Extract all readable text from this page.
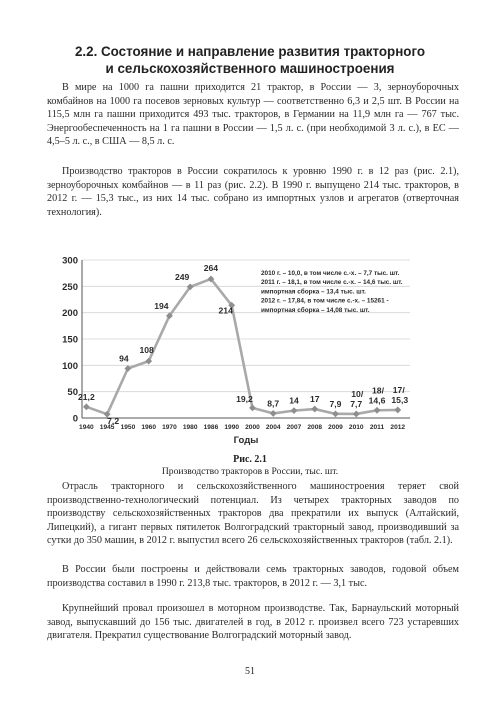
2.2. Состояние и направление развития тракторного
и сельскохозяйственного машиностроения

В мире на 1000 га пашни приходится 21 трактор, в России — 3, зерноуборочных комбайнов на 1000 га посевов зерновых культур — соответственно 6,3 и 2,5 шт. В России на 115,5 млн га пашни приходится 493 тыс. тракторов, в Германии на 11,9 млн га — 767 тыс. Энергообеспеченность на 1 га пашни в России — 1,5 л. с. (при необходимой 3 л. с.), в ЕС — 4,5–5 л. с., в США — 8,5 л. с.

Производство тракторов в России сократилось к уровню 1990 г. в 12 раз (рис. 2.1), зерноуборочных комбайнов — в 11 раз (рис. 2.2). В 1990 г. выпущено 214 тыс. тракторов, в 2012 г. — 15,3 тыс., из них 14 тыс. собрано из импортных узлов и агрегатов (отверточная технология).

0
50
100
150
200
250
300
1940 1945 1950 1960 1970 1980 1986 1990 2000 2004 2007 2008 2009 2010 2011 2012
Годы
21,2
7,2
94
108
194
249
264
214
19,2 8,7 14 17 7,9 7,7 14,6 15,3
10/ 18/ 17/
2010 г. – 10,0, в том числе с.-х. – 7,7 тыс. шт.
2011 г. – 18,1, в том числе с.-х. – 14,6 тыс. шт.
импортная сборка – 13,4 тыс. шт.
2012 г. – 17,84, в том числе с.-х. – 15261 -
импортная сборка – 14,08 тыс. шт.
Рис. 2.1
Производство тракторов в России, тыс. шт.

Отрасль тракторного и сельскохозяйственного машиностроения теряет свой производственно-технологический потенциал. Из четырех тракторных заводов по производству сельскохозяйственных тракторов два прекратили их выпуск (Алтайский, Липецкий), а гигант первых пятилеток Волгоградский тракторный завод, производивший за сутки до 350 машин, в 2012 г. выпустил всего 26 сельскохозяйственных тракторов (табл. 2.1).

В России были построены и действовали семь тракторных заводов, годовой объем производства составил в 1990 г. 213,8 тыс. тракторов, в 2012 г. — 3,1 тыс.

Крупнейший провал произошел в моторном производстве. Так, Барнаульский моторный завод, выпускавший до 156 тыс. двигателей в год, в 2012 г. произвел всего 723 устаревших двигателя. Прекратил существование Волгоградский моторный завод.

51
